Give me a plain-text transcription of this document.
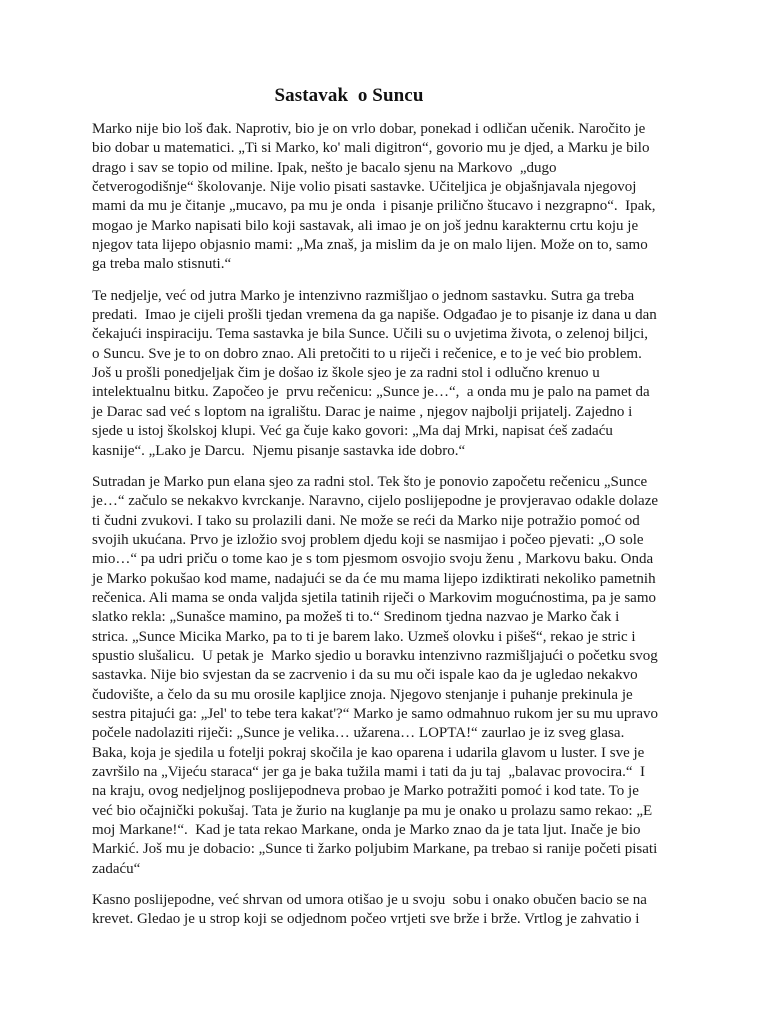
Sastavak  o Suncu

Marko nije bio loš đak. Naprotiv, bio je on vrlo dobar, ponekad i odličan učenik. Naročito je
bio dobar u matematici. „Ti si Marko, ko' mali digitron“, govorio mu je djed, a Marku je bilo
drago i sav se topio od miline. Ipak, nešto je bacalo sjenu na Markovo  „dugo
četverogodišnje“ školovanje. Nije volio pisati sastavke. Učiteljica je objašnjavala njegovoj
mami da mu je čitanje „mucavo, pa mu je onda  i pisanje prilično štucavo i nezgrapno“.  Ipak,
mogao je Marko napisati bilo koji sastavak, ali imao je on još jednu karakternu crtu koju je
njegov tata lijepo objasnio mami: „Ma znaš, ja mislim da je on malo lijen. Može on to, samo
ga treba malo stisnuti.“

Te nedjelje, već od jutra Marko je intenzivno razmišljao o jednom sastavku. Sutra ga treba
predati.  Imao je cijeli prošli tjedan vremena da ga napiše. Odgađao je to pisanje iz dana u dan
čekajući inspiraciju. Tema sastavka je bila Sunce. Učili su o uvjetima života, o zelenoj biljci,
o Suncu. Sve je to on dobro znao. Ali pretočiti to u riječi i rečenice, e to je već bio problem.
Još u prošli ponedjeljak čim je došao iz škole sjeo je za radni stol i odlučno krenuo u
intelektualnu bitku. Započeo je  prvu rečenicu: „Sunce je…“,  a onda mu je palo na pamet da
je Darac sad već s loptom na igralištu. Darac je naime , njegov najbolji prijatelj. Zajedno i
sjede u istoj školskoj klupi. Već ga čuje kako govori: „Ma daj Mrki, napisat ćeš zadaću
kasnije“. „Lako je Darcu.  Njemu pisanje sastavka ide dobro.“

Sutradan je Marko pun elana sjeo za radni stol. Tek što je ponovio započetu rečenicu „Sunce
je…“ začulo se nekakvo kvrckanje. Naravno, cijelo poslijepodne je provjeravao odakle dolaze
ti čudni zvukovi. I tako su prolazili dani. Ne može se reći da Marko nije potražio pomoć od
svojih ukućana. Prvo je izložio svoj problem djedu koji se nasmijao i počeo pjevati: „O sole
mio…“ pa udri priču o tome kao je s tom pjesmom osvojio svoju ženu , Markovu baku. Onda
je Marko pokušao kod mame, nadajući se da će mu mama lijepo izdiktirati nekoliko pametnih
rečenica. Ali mama se onda valjda sjetila tatinih riječi o Markovim mogućnostima, pa je samo
slatko rekla: „Sunašce mamino, pa možeš ti to.“ Sredinom tjedna nazvao je Marko čak i
strica. „Sunce Micika Marko, pa to ti je barem lako. Uzmeš olovku i pišeš“, rekao je stric i
spustio slušalicu.  U petak je  Marko sjedio u boravku intenzivno razmišljajući o početku svog
sastavka. Nije bio svjestan da se zacrvenio i da su mu oči ispale kao da je ugledao nekakvo
čudovište, a čelo da su mu orosile kapljice znoja. Njegovo stenjanje i puhanje prekinula je
sestra pitajući ga: „Jel' to tebe tera kakat'?“ Marko je samo odmahnuo rukom jer su mu upravo
počele nadolaziti riječi: „Sunce je velika… užarena… LOPTA!“ zaurlao je iz sveg glasa.
Baka, koja je sjedila u fotelji pokraj skočila je kao oparena i udarila glavom u luster. I sve je
završilo na „Vijeću staraca“ jer ga je baka tužila mami i tati da ju taj  „balavac provocira.“  I
na kraju, ovog nedjeljnog poslijepodneva probao je Marko potražiti pomoć i kod tate. To je
već bio očajnički pokušaj. Tata je žurio na kuglanje pa mu je onako u prolazu samo rekao: „E
moj Markane!“.  Kad je tata rekao Markane, onda je Marko znao da je tata ljut. Inače je bio
Markić. Još mu je dobacio: „Sunce ti žarko poljubim Markane, pa trebao si ranije početi pisati
zadaću“

Kasno poslijepodne, već shrvan od umora otišao je u svoju  sobu i onako obučen bacio se na
krevet. Gledao je u strop koji se odjednom počeo vrtjeti sve brže i brže. Vrtlog je zahvatio i
